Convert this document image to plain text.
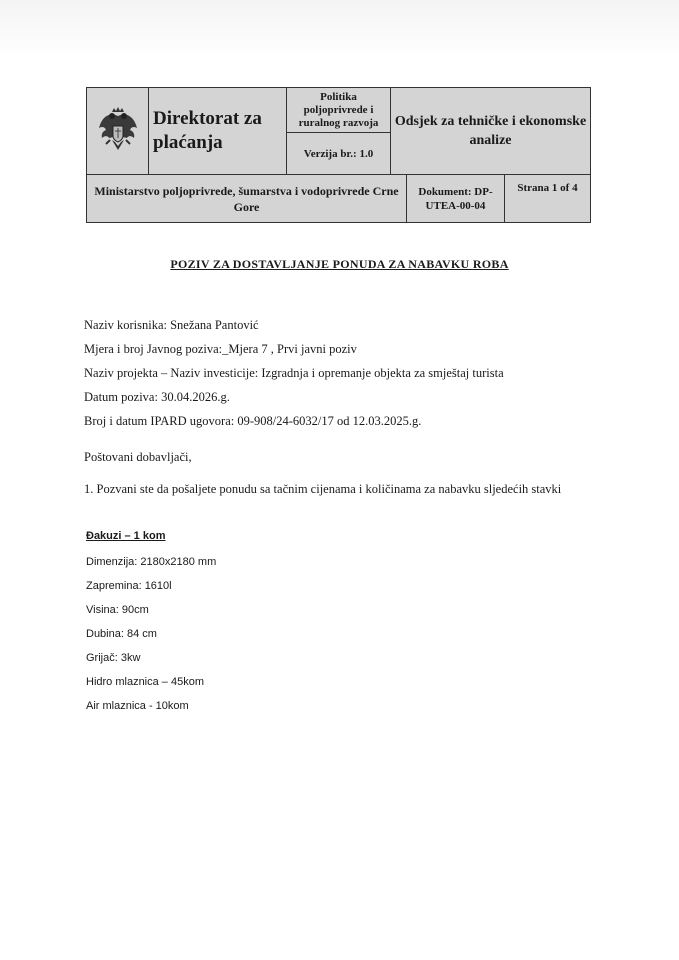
	Direktorat za plaćanja	Politika poljoprivrede i ruralnog razvoja	Odsjek za tehničke i ekonomske analize		
		Verzija br.: 1.0			
Ministarstvo poljoprivrede, šumarstva i vodoprivrede Crne Gore				Dokument: DP-UTEA-00-04	Strana 1 of 4
POZIV ZA DOSTAVLJANJE PONUDA ZA NABAVKU ROBA
Naziv korisnika: Snežana Pantović
Mjera i broj Javnog poziva:_Mjera 7 , Prvi javni poziv
Naziv projekta – Naziv investicije: Izgradnja i opremanje objekta za smještaj turista
Datum poziva: 30.04.2026.g.
Broj i datum IPARD ugovora: 09-908/24-6032/17 od 12.03.2025.g.
Poštovani dobavljači,
1. Pozvani ste da pošaljete ponudu sa tačnim cijenama i količinama za nabavku sljedećih stavki
Đakuzi – 1 kom
Dimenzija: 2180x2180 mm
Zapremina: 1610l
Visina: 90cm
Dubina: 84 cm
Grijač: 3kw
Hidro mlaznica – 45kom
Air mlaznica - 10kom
